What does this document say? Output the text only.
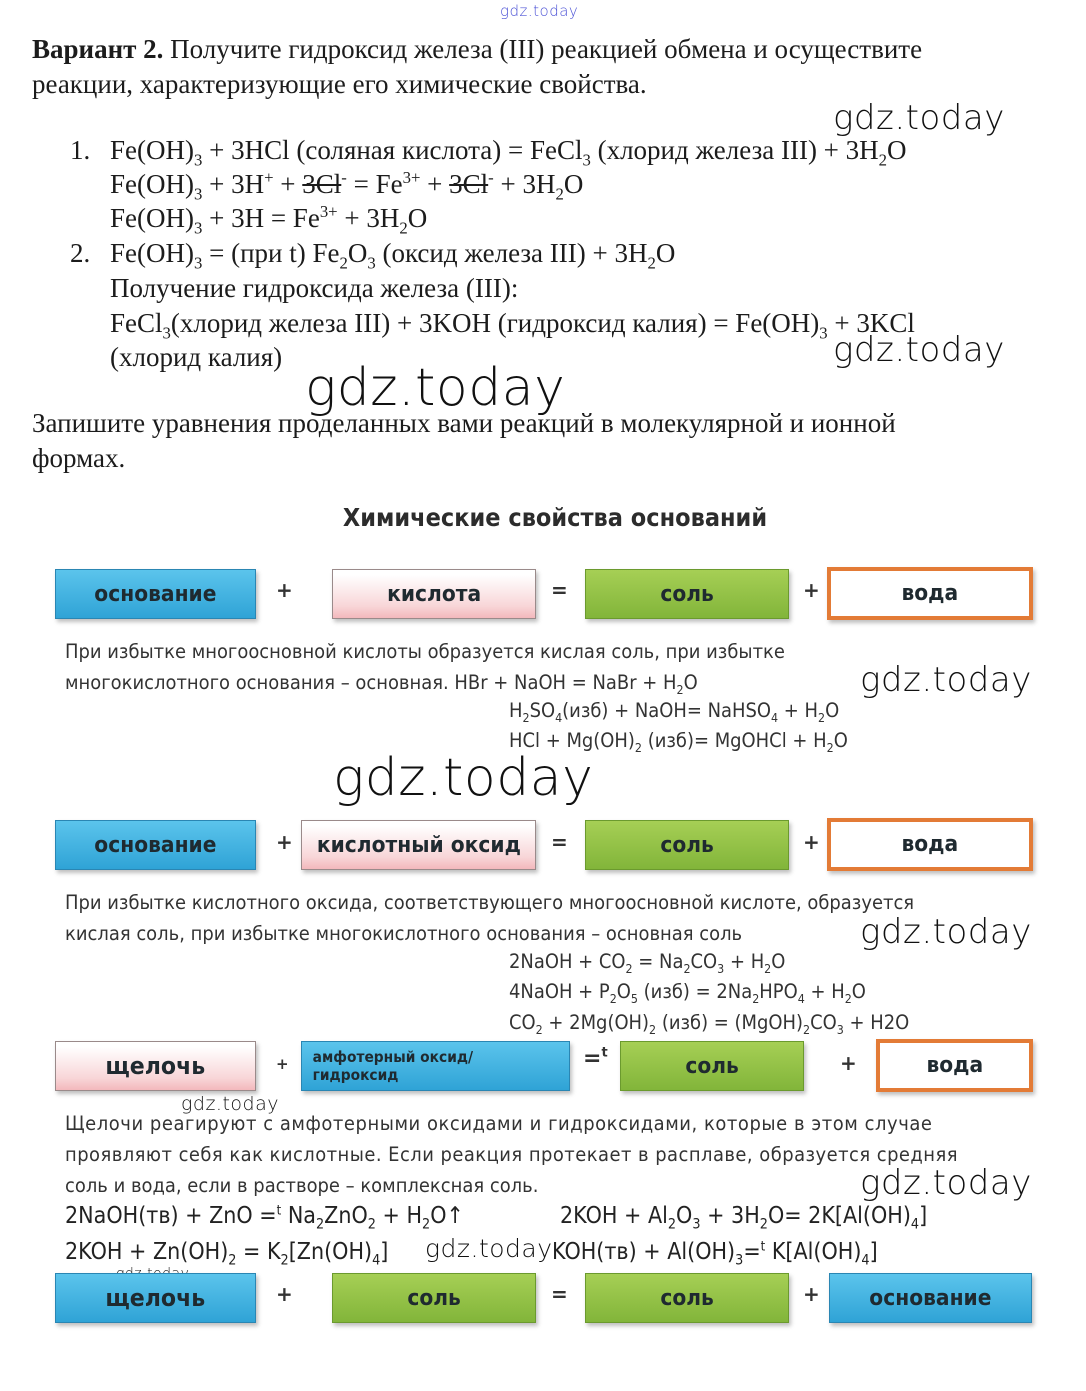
gdz.today
Вариант 2. Получите гидроксид железа (III) реакцией обмена и осуществите
реакции, характеризующие его химические свойства.
gdz.today
1. $Fe(OH)_3 + 3HCl$ (соляная кислота) = FeCl$_3$ (хлорид железа $III) + 3H_2O$
$Fe(OH)_3 + 3H^+ + 3Cl^- = Fe^{3+} + 3Cl^- + 3H_2O$
$Fe(OH)_3 + 3H = Fe^{3+} + 3H_2O$
2. $Fe(OH)_3 = (при$ t) $Fe_2O_3$ (оксид железа $III) + 3H_2O$
Получение гидроксида железа (III):
FeCl$_3$(хлорид железа III) + 3KOH (гидроксид калия) = $Fe(OH)_3 + 3KCl$
(хлорид калия)	gdz.today
gdz.today
Запишите уравнения проделанных вами реакций в молекулярной и ионной
формах.
Химические свойства оснований
основание	+	кислота	=	соль	+	вода
При избытке многоосновной кислоты образуется кислая соль, при избытке
многокислотного основания – основная. HBr + NaOH = NaBr + $H_2O$	gdz.today
$H_2SO_4(изб)$ + NaOH= NaHSO$_4$ + $H_2O$
HCl + $Mg(OH)_2$ (изб)= MgOHCl + $H_2O$
gdz.today
основание	+ кислотный оксид =	соль	+	вода
При избытке кислотного оксида, соответствующего многоосновной кислоте, образуется
кислая соль, при избытке многокислотного основания – основная соль	gdz.today
2NaOH + $CO_2 = Na_2CO_3 + H_2O$
4NaOH + $P_2O_5$ $(изб) = 2Na_2HPO_4 + H_2O$
$CO_2 + 2Mg(OH)_2$ $(изб) = (MgOH)_2CO_3 + H2O$
щелочь	+ амфотерный оксид/гидроксид
=$^t$
соль	+	вода
gdz.today
Щелочи реагируют с амфотерными оксидами и гидроксидами, которые в этом случае
проявляют себя как кислотные. Если реакция протекает в расплаве, образуется средняя
соль и вода, если в растворе – комплексная соль.	gdz.today
2NaOH(тв) + ZnO =$^t$ $Na_2ZnO_2$ + $H_2O↑$	$2KOH + Al_2O_3 + 3H_2O= 2K[Al(OH)_4]$
$2KOH + Zn(OH)_2 = K_2[Zn(OH)_4]$ gdz.today $KOH(тв) + Al(OH)_3=^t$ $K[Al(OH)_4]$
щелочь	+	соль	=	соль	+ основание
